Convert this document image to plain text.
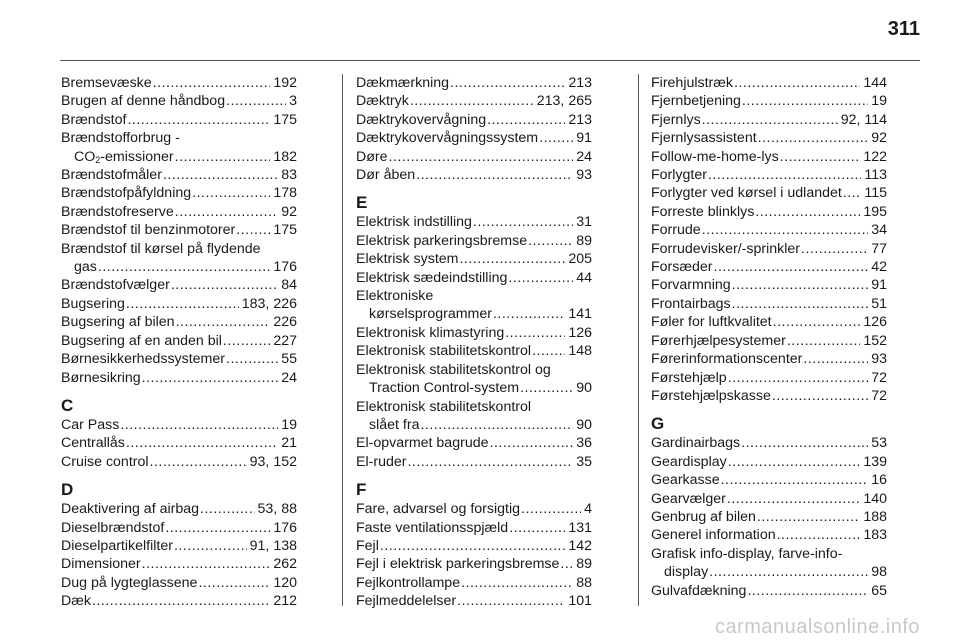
311
Bremsevæske .....	192
Brugen af denne håndbog .....	3
Brændstof .....	175
Brændstofforbrug -
$CO_2$-emissioner .....	182
Brændstofmåler .....	83
Brændstofpåfyldning .....	178
Brændstofreserve .....	92
Brændstof til benzinmotorer .....	175
Brændstof til kørsel på flydende
gas .....	176
Brændstofvælger .....	84
Bugsering .....	183, 226
Bugsering af bilen .....	226
Bugsering af en anden bil .....	227
Børnesikkerhedssystemer .....	55
Børnesikring .....	24
C
Car Pass .....	19
Centrallås .....	21
Cruise control .....	93, 152
D
Deaktivering af airbag .....	53, 88
Dieselbrændstof .....	176
Dieselpartikelfilter .....	91, 138
Dimensioner .....	262
Dug på lygteglassene .....	120
Dæk .....	212
Dækmærkning .....	213
Dæktryk .....	213, 265
Dæktrykovervågning .....	213
Dæktrykovervågningssystem .....	91
Døre .....	24
Dør åben .....	93
E
Elektrisk indstilling .....	31
Elektrisk parkeringsbremse .....	89
Elektrisk system .....	205
Elektrisk sædeindstilling .....	44
Elektroniske
kørselsprogrammer .....	141
Elektronisk klimastyring .....	126
Elektronisk stabilitetskontrol .....	148
Elektronisk stabilitetskontrol og
Traction Control-system .....	90
Elektronisk stabilitetskontrol
slået fra .....	90
El-opvarmet bagrude .....	36
El-ruder .....	35
F
Fare, advarsel og forsigtig .....	4
Faste ventilationsspjæld .....	131
Fejl .....	142
Fejl i elektrisk parkeringsbremse ..... 89
Fejlkontrollampe .....	88
Fejlmeddelelser .....	101
Firehjulstræk .....	144
Fjernbetjening .....	19
Fjernlys .....	92, 114
Fjernlysassistent .....	92
Follow-me-home-lys .....	122
Forlygter .....	113
Forlygter ved kørsel i udlandet ..... 115
Forreste blinklys .....	195
Forrude .....	34
Forrudevisker/-sprinkler .....	77
Forsæder .....	42
Forvarmning .....	91
Frontairbags .....	51
Føler for luftkvalitet .....	126
Førerhjælpesystemer .....	152
Førerinformationscenter .....	93
Førstehjælp .....	72
Førstehjælpskasse .....	72
G
Gardinairbags .....	53
Geardisplay .....	139
Gearkasse .....	16
Gearvælger .....	140
Genbrug af bilen .....	188
Generel information .....	183
Grafisk info-display, farve-info-
display .....	98
Gulvafdækning .....	65
carmanualsonline.info
